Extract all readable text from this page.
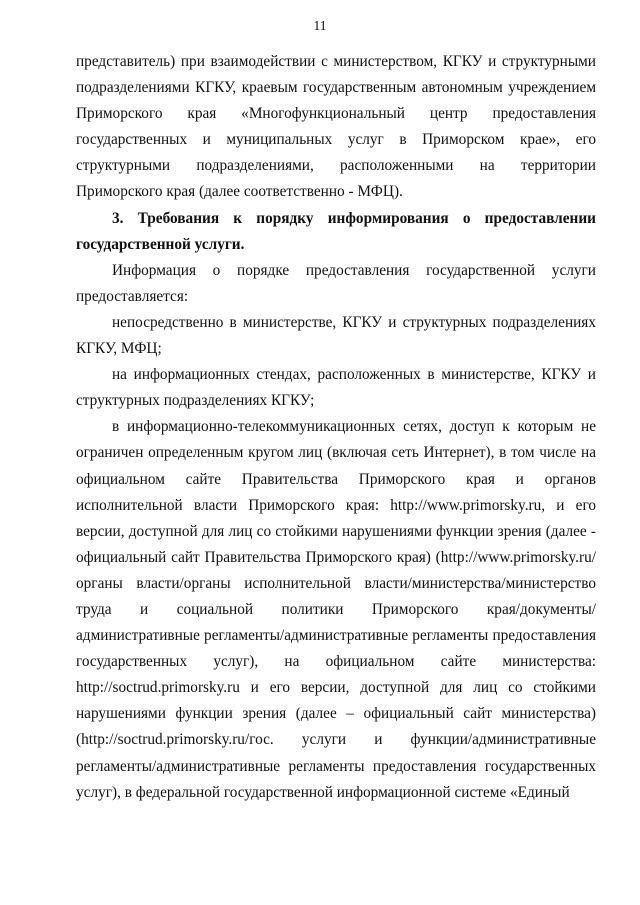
11

представитель) при взаимодействии с министерством, КГКУ и структурными подразделениями КГКУ, краевым государственным автономным учреждением Приморского края «Многофункциональный центр предоставления государственных и муниципальных услуг в Приморском крае», его структурными подразделениями, расположенными на территории Приморского края (далее соответственно - МФЦ).

3. Требования к порядку информирования о предоставлении государственной услуги.

Информация о порядке предоставления государственной услуги предоставляется:

непосредственно в министерстве, КГКУ и структурных подразделениях КГКУ, МФЦ;

на информационных стендах, расположенных в министерстве, КГКУ и структурных подразделениях КГКУ;

в информационно-телекоммуникационных сетях, доступ к которым не ограничен определенным кругом лиц (включая сеть Интернет), в том числе на официальном сайте Правительства Приморского края и органов исполнительной власти Приморского края: http://www.primorsky.ru, и его версии, доступной для лиц со стойкими нарушениями функции зрения (далее - официальный сайт Правительства Приморского края) (http://www.primorsky.ru/органы власти/органы исполнительной власти/министерства/министерство труда и социальной политики Приморского края/документы/административные регламенты/административные регламенты предоставления государственных услуг), на официальном сайте министерства: http://soctrud.primorsky.ru и его версии, доступной для лиц со стойкими нарушениями функции зрения (далее – официальный сайт министерства) (http://soctrud.primorsky.ru/гос. услуги и функции/административные регламенты/административные регламенты предоставления государственных услуг), в федеральной государственной информационной системе «Единый
